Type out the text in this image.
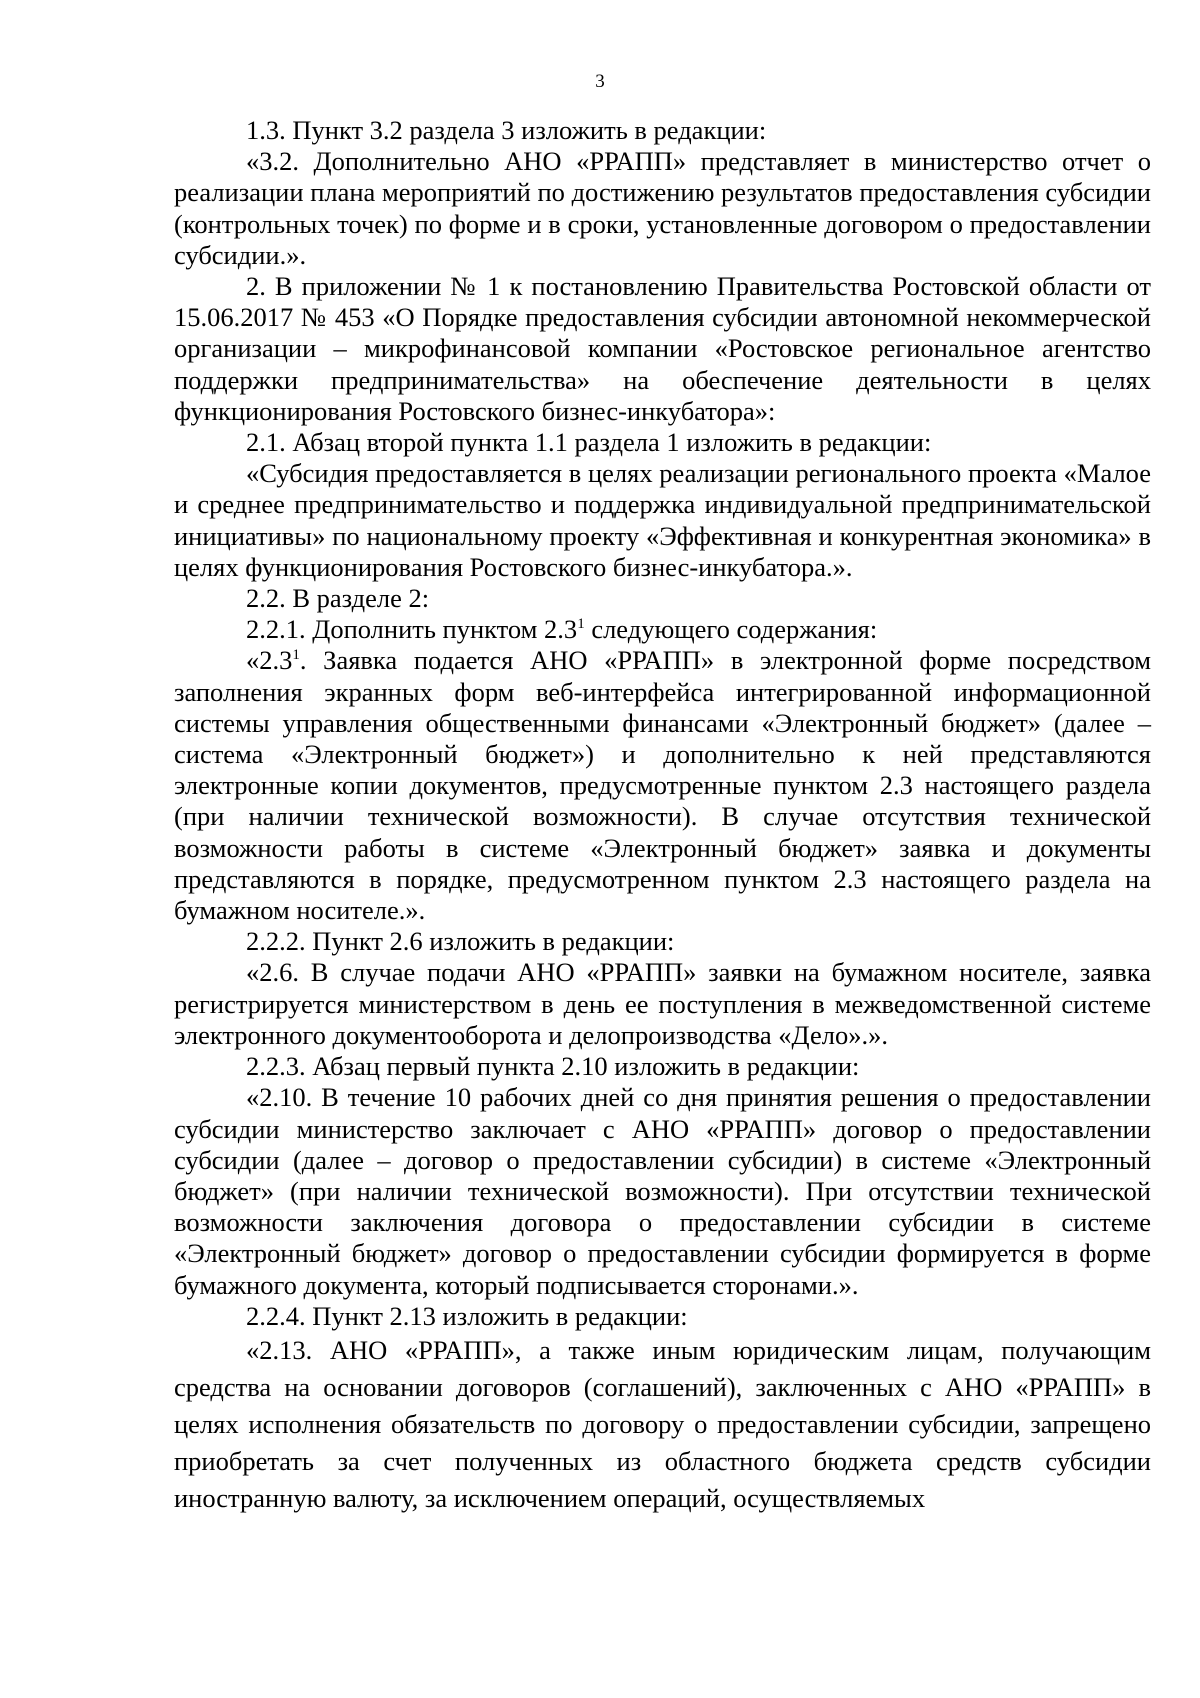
3

1.3. Пункт 3.2 раздела 3 изложить в редакции:

«3.2. Дополнительно АНО «РРАПП» представляет в министерство отчет о реализации плана мероприятий по достижению результатов предоставления субсидии (контрольных точек) по форме и в сроки, установленные договором о предоставлении субсидии.».

2. В приложении № 1 к постановлению Правительства Ростовской области от 15.06.2017 № 453 «О Порядке предоставления субсидии автономной некоммерческой организации – микрофинансовой компании «Ростовское региональное агентство поддержки предпринимательства» на обеспечение деятельности в целях функционирования Ростовского бизнес-инкубатора»:

2.1. Абзац второй пункта 1.1 раздела 1 изложить в редакции:

«Субсидия предоставляется в целях реализации регионального проекта «Малое и среднее предпринимательство и поддержка индивидуальной предпринимательской инициативы» по национальному проекту «Эффективная и конкурентная экономика» в целях функционирования Ростовского бизнес-инкубатора.».

2.2. В разделе 2:

2.2.1. Дополнить пунктом $2.3^1$ следующего содержания:

«$2.3^1$. Заявка подается АНО «РРАПП» в электронной форме посредством заполнения экранных форм веб-интерфейса интегрированной информационной системы управления общественными финансами «Электронный бюджет» (далее – система «Электронный бюджет») и дополнительно к ней представляются электронные копии документов, предусмотренные пунктом 2.3 настоящего раздела (при наличии технической возможности). В случае отсутствия технической возможности работы в системе «Электронный бюджет» заявка и документы представляются в порядке, предусмотренном пунктом 2.3 настоящего раздела на бумажном носителе.».

2.2.2. Пункт 2.6 изложить в редакции:

«2.6. В случае подачи АНО «РРАПП» заявки на бумажном носителе, заявка регистрируется министерством в день ее поступления в межведомственной системе электронного документооборота и делопроизводства «Дело».».

2.2.3. Абзац первый пункта 2.10 изложить в редакции:

«2.10. В течение 10 рабочих дней со дня принятия решения о предоставлении субсидии министерство заключает с АНО «РРАПП» договор о предоставлении субсидии (далее – договор о предоставлении субсидии) в системе «Электронный бюджет» (при наличии технической возможности). При отсутствии технической возможности заключения договора о предоставлении субсидии в системе «Электронный бюджет» договор о предоставлении субсидии формируется в форме бумажного документа, который подписывается сторонами.».

2.2.4. Пункт 2.13 изложить в редакции:

«2.13. АНО «РРАПП», а также иным юридическим лицам, получающим средства на основании договоров (соглашений), заключенных с АНО «РРАПП» в целях исполнения обязательств по договору о предоставлении субсидии, запрещено приобретать за счет полученных из областного бюджета средств субсидии иностранную валюту, за исключением операций, осуществляемых
